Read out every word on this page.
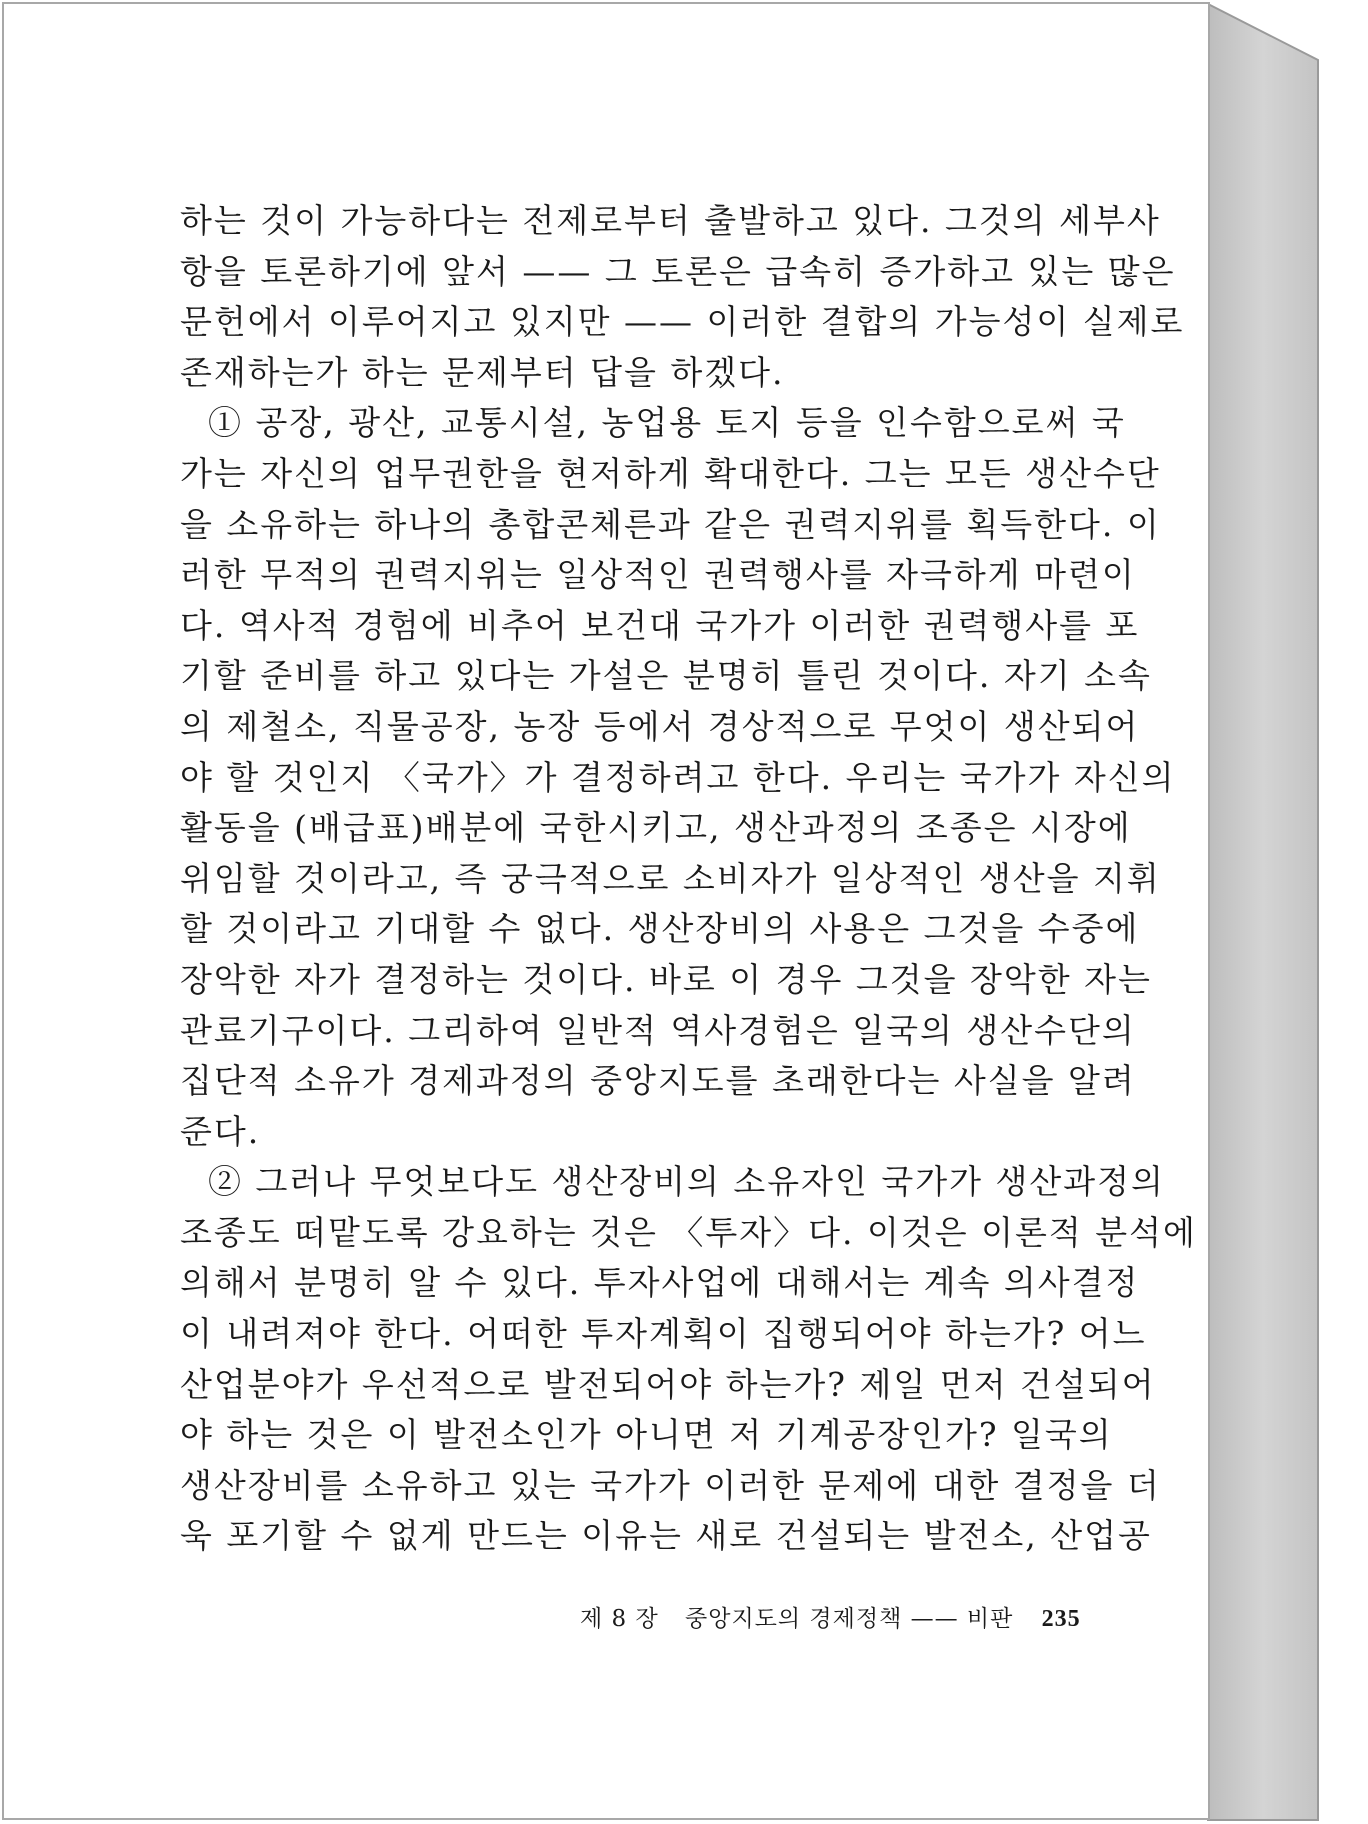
하는 것이 가능하다는 전제로부터 출발하고 있다. 그것의 세부사
항을 토론하기에 앞서 —— 그 토론은 급속히 증가하고 있는 많은
문헌에서 이루어지고 있지만 —— 이러한 결합의 가능성이 실제로
존재하는가 하는 문제부터 답을 하겠다.
① 공장, 광산, 교통시설, 농업용 토지 등을 인수함으로써 국
가는 자신의 업무권한을 현저하게 확대한다. 그는 모든 생산수단
을 소유하는 하나의 총합콘체른과 같은 권력지위를 획득한다. 이
러한 무적의 권력지위는 일상적인 권력행사를 자극하게 마련이
다. 역사적 경험에 비추어 보건대 국가가 이러한 권력행사를 포
기할 준비를 하고 있다는 가설은 분명히 틀린 것이다. 자기 소속
의 제철소, 직물공장, 농장 등에서 경상적으로 무엇이 생산되어
야 할 것인지 〈국가〉가 결정하려고 한다. 우리는 국가가 자신의
활동을 (배급표)배분에 국한시키고, 생산과정의 조종은 시장에
위임할 것이라고, 즉 궁극적으로 소비자가 일상적인 생산을 지휘
할 것이라고 기대할 수 없다. 생산장비의 사용은 그것을 수중에
장악한 자가 결정하는 것이다. 바로 이 경우 그것을 장악한 자는
관료기구이다. 그리하여 일반적 역사경험은 일국의 생산수단의
집단적 소유가 경제과정의 중앙지도를 초래한다는 사실을 알려
준다.
② 그러나 무엇보다도 생산장비의 소유자인 국가가 생산과정의
조종도 떠맡도록 강요하는 것은 〈투자〉다. 이것은 이론적 분석에
의해서 분명히 알 수 있다. 투자사업에 대해서는 계속 의사결정
이 내려져야 한다. 어떠한 투자계획이 집행되어야 하는가? 어느
산업분야가 우선적으로 발전되어야 하는가? 제일 먼저 건설되어
야 하는 것은 이 발전소인가 아니면 저 기계공장인가? 일국의
생산장비를 소유하고 있는 국가가 이러한 문제에 대한 결정을 더
욱 포기할 수 없게 만드는 이유는 새로 건설되는 발전소, 산업공
제 8 장 중앙지도의 경제정책 —— 비판 235
